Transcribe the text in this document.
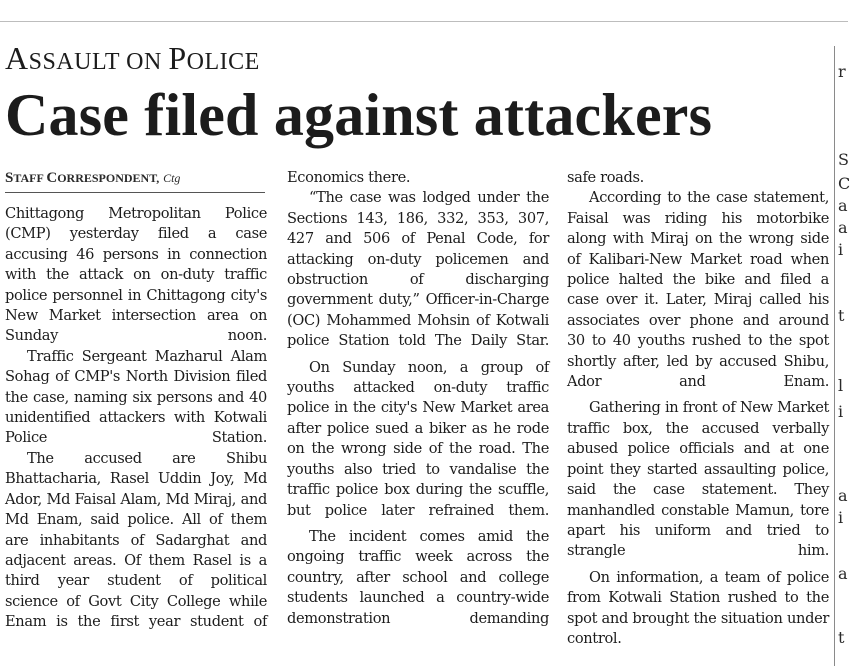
r
S
C
a
a
i
t
l
i
a
i
a
t
ASSAULT ON POLICE
Case filed against attackers
STAFF CORRESPONDENT, Ctg

Chittagong Metropolitan Police (CMP) yesterday filed a case accusing 46 persons in connection with the attack on on-duty traffic police personnel in Chittagong city's New Market intersection area on Sunday noon.

Traffic Sergeant Mazharul Alam Sohag of CMP's North Division filed the case, naming six persons and 40 unidentified attackers with Kotwali Police Station.

The accused are Shibu Bhattacharia, Rasel Uddin Joy, Md Ador, Md Faisal Alam, Md Miraj, and Md Enam, said police. All of them are inhabitants of Sadarghat and adjacent areas. Of them Rasel is a third year student of political science of Govt City College while Enam is the first year student of

Economics there.

“The case was lodged under the Sections 143, 186, 332, 353, 307, 427 and 506 of Penal Code, for attacking on-duty policemen and obstruction of discharging government duty,” Officer-in-Charge (OC) Mohammed Mohsin of Kotwali police Station told The Daily Star.

On Sunday noon, a group of youths attacked on-duty traffic police in the city's New Market area after police sued a biker as he rode on the wrong side of the road. The youths also tried to vandalise the traffic police box during the scuffle, but police later refrained them.

The incident comes amid the ongoing traffic week across the country, after school and college students launched a country-wide demonstration demanding

safe roads.

According to the case statement, Faisal was riding his motorbike along with Miraj on the wrong side of Kalibari-New Market road when police halted the bike and filed a case over it. Later, Miraj called his associates over phone and around 30 to 40 youths rushed to the spot shortly after, led by accused Shibu, Ador and Enam.

Gathering in front of New Market traffic box, the accused verbally abused police officials and at one point they started assaulting police, said the case statement. They manhandled constable Mamun, tore apart his uniform and tried to strangle him.

On information, a team of police from Kotwali Station rushed to the spot and brought the situation under control.
